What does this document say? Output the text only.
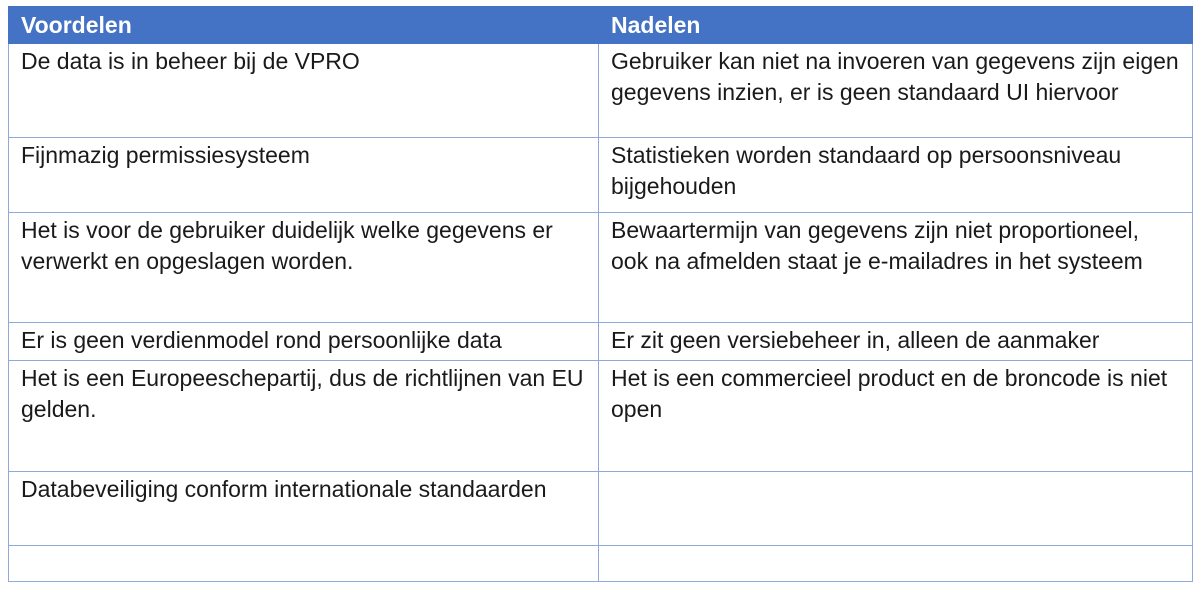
Voordelen	Nadelen
De data is in beheer bij de VPRO	Gebruiker kan niet na invoeren van gegevens zijn eigen gegevens inzien, er is geen standaard UI hiervoor
Fijnmazig permissiesysteem	Statistieken worden standaard op persoonsniveau bijgehouden
Het is voor de gebruiker duidelijk welke gegevens er verwerkt en opgeslagen worden.	Bewaartermijn van gegevens zijn niet proportioneel, ook na afmelden staat je e-mailadres in het systeem
Er is geen verdienmodel rond persoonlijke data	Er zit geen versiebeheer in, alleen de aanmaker
Het is een Europeeschepartij, dus de richtlijnen van EU gelden.	Het is een commercieel product en de broncode is niet open
Databeveiliging conform internationale standaarden	
